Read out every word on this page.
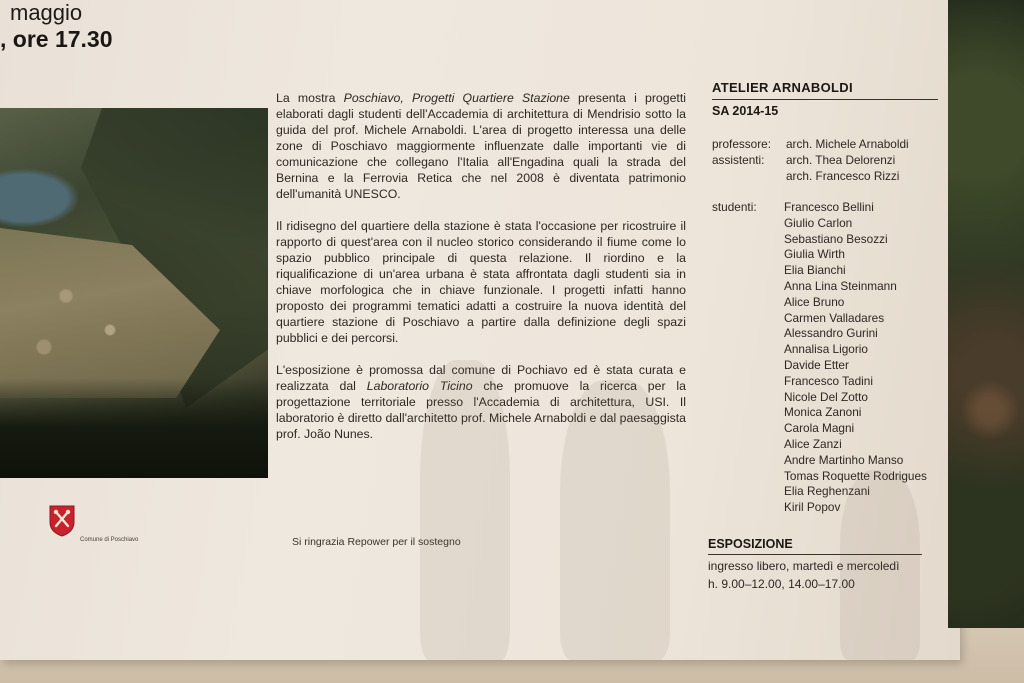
maggio
, ore 17.30

La mostra Poschiavo, Progetti Quartiere Stazione presenta i progetti elaborati dagli studenti dell'Accademia di architettura di Mendrisio sotto la guida del prof. Michele Arnaboldi. L'area di progetto interessa una delle zone di Poschiavo maggiormente influenzate dalle importanti vie di comunicazione che collegano l'Italia all'Engadina quali la strada del Bernina e la Ferrovia Retica che nel 2008 è diventata patrimonio dell'umanità UNESCO.

Il ridisegno del quartiere della stazione è stata l'occasione per ricostruire il rapporto di quest'area con il nucleo storico considerando il fiume come lo spazio pubblico principale di questa relazione. Il riordino e la riqualificazione di un'area urbana è stata affrontata dagli studenti sia in chiave morfologica che in chiave funzionale. I progetti infatti hanno proposto dei programmi tematici adatti a costruire la nuova identità del quartiere stazione di Poschiavo a partire dalla definizione degli spazi pubblici e dei percorsi.

L'esposizione è promossa dal comune di Pochiavo ed è stata curata e realizzata dal Laboratorio Ticino che promuove la ricerca per la progettazione territoriale presso l'Accademia di architettura, USI. Il laboratorio è diretto dall'architetto prof. Michele Arnaboldi e dal paesaggista prof. João Nunes.

ATELIER ARNABOLDI
SA 2014-15
professore:	arch. Michele Arnaboldi
assistenti:	arch. Thea Delorenzi
arch. Francesco Rizzi
studenti:	Francesco Bellini
Giulio Carlon
Sebastiano Besozzi
Giulia Wirth
Elia Bianchi
Anna Lina Steinmann
Alice Bruno
Carmen Valladares
Alessandro Gurini
Annalisa Ligorio
Davide Etter
Francesco Tadini
Nicole Del Zotto
Monica Zanoni
Carola Magni
Alice Zanzi
Andre Martinho Manso
Tomas Roquette Rodrigues
Elia Reghenzani
Kiril Popov
ESPOSIZIONE
ingresso libero, martedì e mercoledì
h. 9.00–12.00, 14.00–17.00
Si ringrazia Repower per il sostegno
Comune di Poschiavo
